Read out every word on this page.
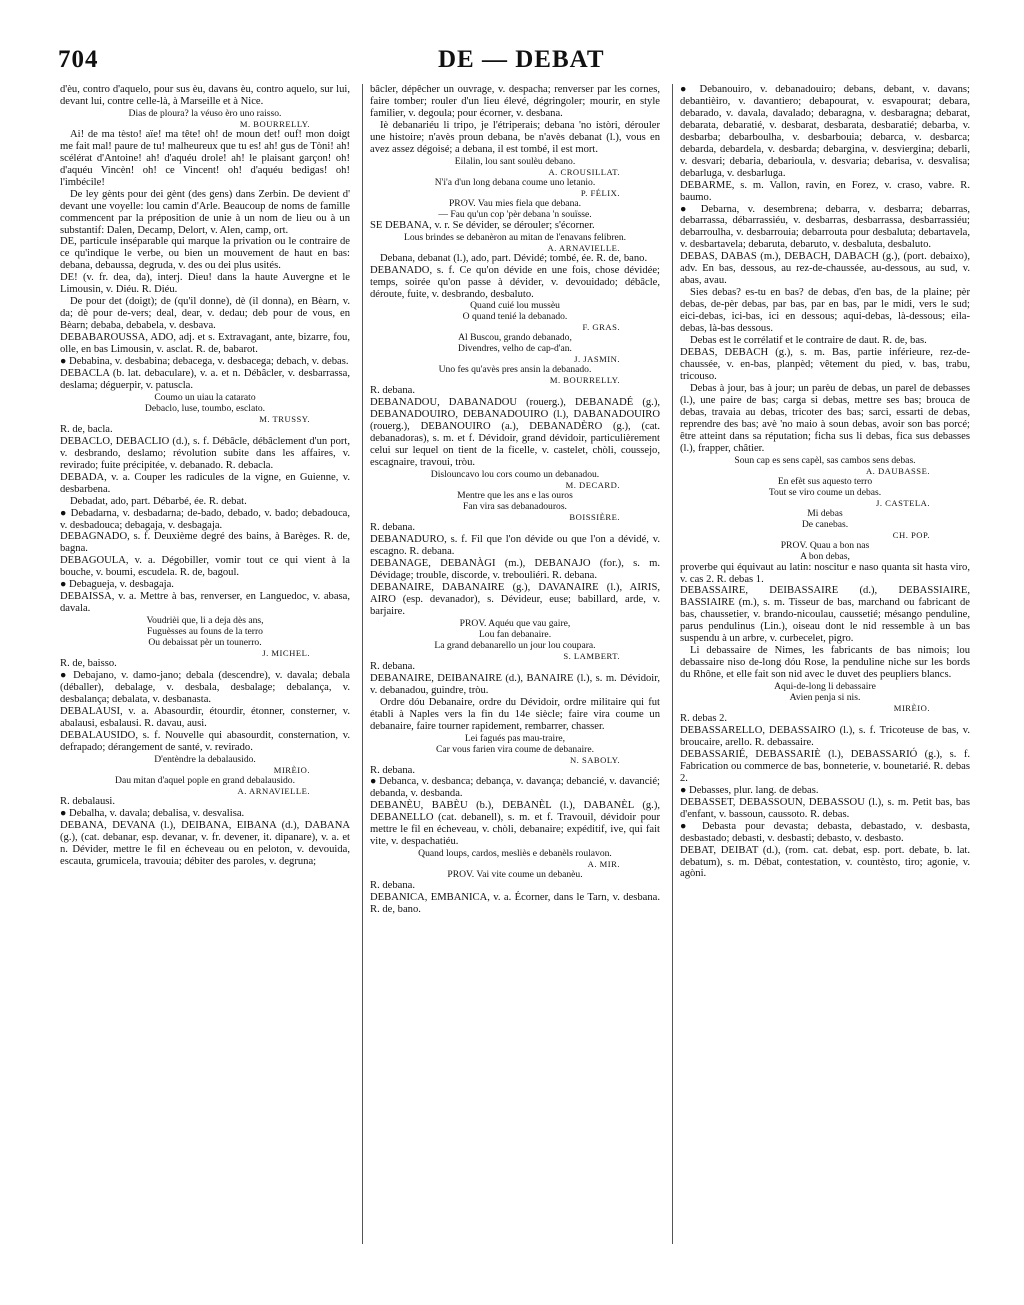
704	DE — DEBAT

d'èu, contro d'aquelo, pour sus èu, davans èu, contro aquelo, sur lui, devant lui, contre celle-là, à Marseille et à Nice.

Dias de ploura? la véuso èro uno raisso.

M. BOURRELLY.

Ai! de ma tèsto! aïe! ma tête! oh! de moun det! ouf! mon doigt me fait mal! paure de tu! malheureux que tu es! ah! gus de Tòni! ah! scélérat d'Antoine! ah! d'aquéu drole! ah! le plaisant garçon! oh! d'aquéu Vincèn! oh! ce Vincent! oh! d'aquéu bedigas! oh! l'imbécile!

De ley gènts pour dei gènt (des gens) dans Zerbin. De devient d' devant une voyelle: lou camin d'Arle. Beaucoup de noms de famille commencent par la préposition de unie à un nom de lieu ou à un substantif: Dalen, Decamp, Delort, v. Alen, camp, ort.

DE, particule inséparable qui marque la privation ou le contraire de ce qu'indique le verbe, ou bien un mouvement de haut en bas: debana, debaussa, degruda, v. des ou dei plus usités.

DE! (v. fr. dea, da), interj. Dieu! dans la haute Auvergne et le Limousin, v. Diéu. R. Diéu.

De pour det (doigt); de (qu'il donne), dè (il donna), en Bèarn, v. da; dè pour de-vers; deal, dear, v. dedau; deb pour de vous, en Bèarn; debaba, debabela, v. desbava.

DEBABAROUSSA, ADO, adj. et s. Extravagant, ante, bizarre, fou, olle, en bas Limousin, v. asclat. R. de, babarot.

● Debabina, v. desbabina; debacega, v. desbacega; debach, v. debas.

DEBACLA (b. lat. debaculare), v. a. et n. Débâcler, v. desbarrassa, deslama; déguerpir, v. patuscla.

Coumo un uiau la catarato

Debaclo, luse, toumbo, esclato.

M. TRUSSY.

R. de, bacla.

DEBACLO, DEBACLIO (d.), s. f. Débâcle, débâclement d'un port, v. desbrando, deslamo; révolution subite dans les affaires, v. revirado; fuite précipitée, v. debanado. R. debacla.

DEBADA, v. a. Couper les radicules de la vigne, en Guienne, v. desbarbena.

Debadat, ado, part. Débarbé, ée. R. debat.

● Debadarna, v. desbadarna; de-bado, debado, v. bado; debadouca, v. desbadouca; debagaja, v. desbagaja.

DEBAGNADO, s. f. Deuxième degré des bains, à Barèges. R. de, bagna.

DEBAGOULA, v. a. Dégobiller, vomir tout ce qui vient à la bouche, v. boumi, escudela. R. de, bagoul.

● Debagueja, v. desbagaja.

DEBAISSA, v. a. Mettre à bas, renverser, en Languedoc, v. abasa, davala.

Voudrièi que, li a deja dès ans,

Fuguèsses au founs de la terro

Ou debaissat pèr un tounerro.

J. MICHEL.

R. de, baisso.

● Debajano, v. damo-jano; debala (descendre), v. davala; debala (déballer), debalage, v. desbala, desbalage; debalança, v. desbalança; debalata, v. desbanasta.

DEBALAUSI, v. a. Abasourdir, étourdir, étonner, consterner, v. abalausi, esbalausi. R. davau, ausi.

DEBALAUSIDO, s. f. Nouvelle qui abasourdit, consternation, v. defrapado; dérangement de santé, v. revirado.

D'entèndre la debalausido.

MIRÈIO.

Dau mitan d'aquel pople en grand debalausido.

A. ARNAVIELLE.

R. debalausi.

● Debalha, v. davala; debalisa, v. desvalisa.

DEBANA, DEVANA (l.), DEIBANA, EIBANA (d.), DABANA (g.), (cat. debanar, esp. devanar, v. fr. devener, it. dipanare), v. a. et n. Dévider, mettre le fil en écheveau ou en peloton, v. devouida, escauta, grumicela, travouia; débiter des paroles, v. degruna;

bâcler, dépêcher un ouvrage, v. despacha; renverser par les cornes, faire tomber; rouler d'un lieu élevé, dégringoler; mourir, en style familier, v. degoula; pour écorner, v. desbana.

Iè debanariéu li tripo, je l'étriperais; debana 'no istòri, dérouler une histoire; n'avès proun debana, be n'avès debanat (l.), vous en avez assez dégoisé; a debana, il est tombé, il est mort.

Eilalin, lou sant soulèu debano.

A. CROUSILLAT.

N'i'a d'un long debana coume uno letanio.

P. FÉLIX.

PROV. Vau mies fiela que debana.

— Fau qu'un cop 'pèr debana 'n souïsse.

SE DEBANA, v. r. Se dévider, se dérouler; s'écorner.

Lous brindes se debanèron au mitan de l'enavans felibren.

A. ARNAVIELLE.

Debana, debanat (l.), ado, part. Dévidé; tombé, ée. R. de, bano.

DEBANADO, s. f. Ce qu'on dévide en une fois, chose dévidée; temps, soirée qu'on passe à dévider, v. devouidado; débâcle, déroute, fuite, v. desbrando, desbaluto.

Quand cuié lou mussèu

O quand tenié la debanado.

F. GRAS.

Al Buscou, grando debanado,

Divendres, velho de cap-d'an.

J. JASMIN.

Uno fes qu'avès pres ansin la debanado.

M. BOURRELLY.

R. debana.

DEBANADOU, DABANADOU (rouerg.), DEBANADÉ (g.), DEBANADOUIRO, DEBANADOUIRO (l.), DABANADOUIRO (rouerg.), DEBANOUIRO (a.), DEBANADÈRO (g.), (cat. debanadoras), s. m. et f. Dévidoir, grand dévidoir, particulièrement celui sur lequel on tient de la ficelle, v. castelet, chòli, coussejo, escagnaire, travoui, tròu.

Dislouncavo lou cors coumo un debanadou.

M. DECARD.

Mentre que les ans e las ouros

Fan vira sas debanadouros.

BOISSIÈRE.

R. debana.

DEBANADURO, s. f. Fil que l'on dévide ou que l'on a dévidé, v. escagno. R. debana.

DEBANAGE, DEBANÀGI (m.), DEBANAJO (for.), s. m. Dévidage; trouble, discorde, v. trebouliéri. R. debana.

DEBANAIRE, DABANAIRE (g.), DAVANAIRE (l.), AIRIS, AIRO (esp. devanador), s. Dévideur, euse; babillard, arde, v. barjaire.

PROV. Aquéu que vau gaire,

Lou fan debanaire.

La grand debanarello un jour lou coupara.

S. LAMBERT.

R. debana.

DEBANAIRE, DEIBANAIRE (d.), BANAIRE (l.), s. m. Dévidoir, v. debanadou, guindre, tròu.

Ordre dóu Debanaire, ordre du Dévidoir, ordre militaire qui fut établi à Naples vers la fin du 14e siècle; faire vira coume un debanaire, faire tourner rapidement, rembarrer, chasser.

Lei fagués pas mau-traire,

Car vous farien vira coume de debanaire.

N. SABOLY.

R. debana.

● Debanca, v. desbanca; debança, v. davança; debancié, v. davancié; debanda, v. desbanda.

DEBANÈU, BABÈU (b.), DEBANÈL (l.), DABANÈL (g.), DEBANELLO (cat. debanell), s. m. et f. Travouil, dévidoir pour mettre le fil en écheveau, v. chòli, debanaire; expéditif, ive, qui fait vite, v. despachatiéu.

Quand loups, cardos, mesliès e debanèls roulavon.

A. MIR.

PROV. Vai vite coume un debanèu.

R. debana.

DEBANICA, EMBANICA, v. a. Écorner, dans le Tarn, v. desbana. R. de, bano.

● Debanouiro, v. debanadouiro; debans, debant, v. davans; debantièiro, v. davantiero; debapourat, v. esvapourat; debara, debarado, v. davala, davalado; debaragna, v. desbaragna; debarat, debarata, debaratié, v. desbarat, desbarata, desbaratié; debarba, v. desbarba; debarboulha, v. desbarbouia; debarca, v. desbarca; debarda, debardela, v. desbarda; debargina, v. desvierginа; debarli, v. desvari; debaria, debarioula, v. desvaria; debarisa, v. desvalisa; debarluga, v. desbarluga.

DEBARME, s. m. Vallon, ravin, en Forez, v. craso, vabre. R. baumo.

● Debarna, v. desembrena; debarra, v. desbarra; debarras, debarrassa, débarrassiéu, v. desbarras, desbarrassa, desbarrassiéu; debarroulha, v. desbarrouia; debarrouta pour desbaluta; debartavela, v. desbartavela; debaruta, debaruto, v. desbaluta, desbaluto.

DEBAS, DABAS (m.), DEBACH, DABACH (g.), (port. debaixo), adv. En bas, dessous, au rez-de-chaussée, au-dessous, au sud, v. abas, avau.

Sies debas? es-tu en bas? de debas, d'en bas, de la plaine; pèr debas, de-pèr debas, par bas, par en bas, par le midi, vers le sud; eici-debas, ici-bas, ici en dessous; aqui-debas, là-dessous; eila-debas, là-bas dessous.

Debas est le corrélatif et le contraire de daut. R. de, bas.

DEBAS, DEBACH (g.), s. m. Bas, partie inférieure, rez-de-chaussée, v. en-bas, planpèd; vêtement du pied, v. bas, trabu, tricouso.

Debas à jour, bas à jour; un parèu de debas, un parel de debasses (l.), une paire de bas; carga si debas, mettre ses bas; brouca de debas, travaia au debas, tricoter des bas; sarci, essarti de debas, reprendre des bas; avè 'no maio à soun debas, avoir son bas porcé; être atteint dans sa réputation; ficha sus li debas, fica sus debasses (l.), frapper, châtier.

Soun cap es sens capèl, sas cambos sens debas.

A. DAUBASSE.

En efèt sus aquesto terro

Tout se viro coume un debas.

J. CASTELA.

Mi debas

De canebas.

CH. POP.

PROV. Quau a bon nas

A bon debas,

proverbe qui équivaut au latin: noscitur e naso quanta sit hasta viro, v. cas 2. R. debas 1.

DEBASSAIRE, DEIBASSAIRE (d.), DEBASSIAIRE, BASSIAIRE (m.), s. m. Tisseur de bas, marchand ou fabricant de bas, chaussetier, v. brando-nicoulau, caussetié; mésango penduline, parus pendulinus (Lin.), oiseau dont le nid ressemble à un bas suspendu à un arbre, v. curbecelet, pigro.

Li debassaire de Nimes, les fabricants de bas nimois; lou debassaire niso de-long dóu Rose, la penduline niche sur les bords du Rhône, et elle fait son nid avec le duvet des peupliers blancs.

Aqui-de-long li debassaire

Avien penja si nis.

MIRÈIO.

R. debas 2.

DEBASSARELLO, DEBASSAIRO (l.), s. f. Tricoteuse de bas, v. broucaire, arello. R. debassaire.

DEBASSARIÉ, DEBASSARIÈ (l.), DEBASSARIÓ (g.), s. f. Fabrication ou commerce de bas, bonneterie, v. bounetarié. R. debas 2.

● Debasses, plur. lang. de debas.

DEBASSET, DEBASSOUN, DEBASSOU (l.), s. m. Petit bas, bas d'enfant, v. bassoun, caussoto. R. debas.

● Debasta pour devasta; debasta, debastado, v. desbasta, desbastado; debasti, v. desbasti; debasto, v. desbasto.

DEBAT, DEIBAT (d.), (rom. cat. debat, esp. port. debate, b. lat. debatum), s. m. Débat, contestation, v. countèsto, tiro; agonie, v. agòni.
